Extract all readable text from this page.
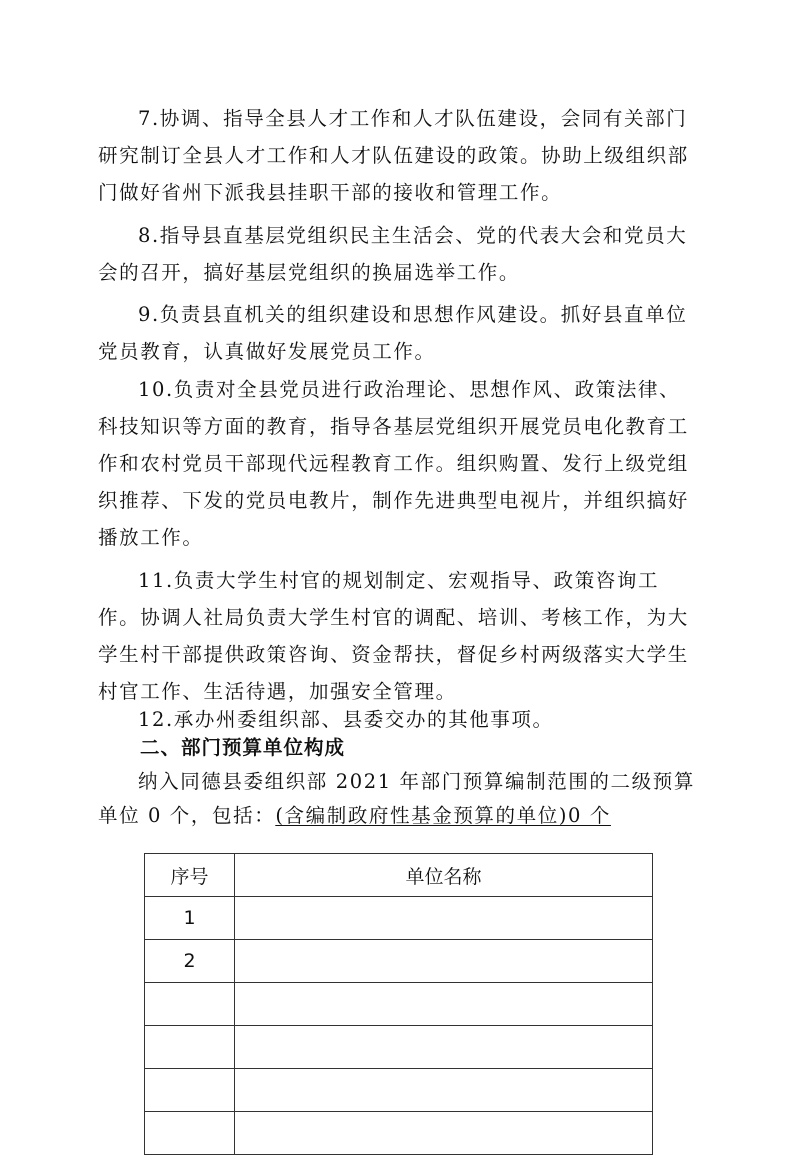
7.协调、指导全县人才工作和人才队伍建设，会同有关部门研究制订全县人才工作和人才队伍建设的政策。协助上级组织部门做好省州下派我县挂职干部的接收和管理工作。

8.指导县直基层党组织民主生活会、党的代表大会和党员大会的召开，搞好基层党组织的换届选举工作。

9.负责县直机关的组织建设和思想作风建设。抓好县直单位党员教育，认真做好发展党员工作。

10.负责对全县党员进行政治理论、思想作风、政策法律、科技知识等方面的教育，指导各基层党组织开展党员电化教育工作和农村党员干部现代远程教育工作。组织购置、发行上级党组织推荐、下发的党员电教片，制作先进典型电视片，并组织搞好播放工作。

11.负责大学生村官的规划制定、宏观指导、政策咨询工作。协调人社局负责大学生村官的调配、培训、考核工作，为大学生村干部提供政策咨询、资金帮扶，督促乡村两级落实大学生村官工作、生活待遇，加强安全管理。

12.承办州委组织部、县委交办的其他事项。

二、部门预算单位构成

纳入同德县委组织部 2021 年部门预算编制范围的二级预算单位 0 个，包括：(含编制政府性基金预算的单位)0 个

序号	单位名称
1	
2	
